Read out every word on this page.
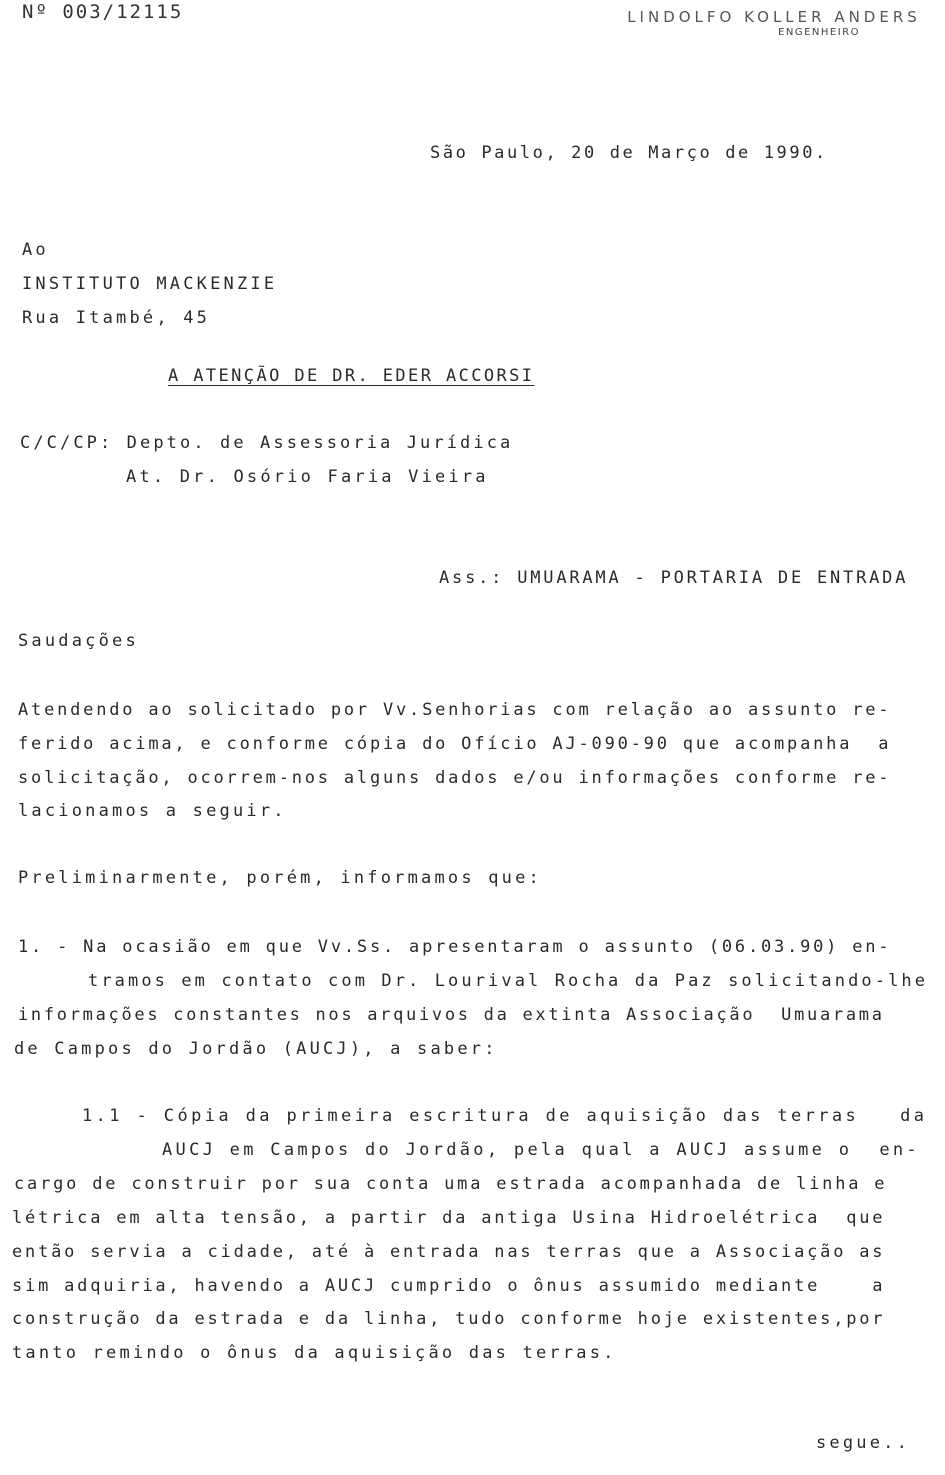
Nº 003/12115	LINDOLFO KOLLER ANDERS
ENGENHEIRO
São Paulo, 20 de Março de 1990.
Ao
INSTITUTO MACKENZIE
Rua Itambé, 45
A ATENÇÃO DE DR. EDER ACCORSI
C/C/CP: Depto. de Assessoria Jurídica
At. Dr. Osório Faria Vieira
Ass.: UMUARAMA - PORTARIA DE ENTRADA
Saudações
Atendendo ao solicitado por Vv.Senhorias com relação ao assunto re-
ferido acima, e conforme cópia do Ofício AJ-090-90 que acompanha  a
solicitação, ocorrem-nos alguns dados e/ou informações conforme re-
lacionamos a seguir.
Preliminarmente, porém, informamos que:
1. - Na ocasião em que Vv.Ss. apresentaram o assunto (06.03.90) en-
tramos em contato com Dr. Lourival Rocha da Paz solicitando-lhe
informações constantes nos arquivos da extinta Associação  Umuarama
de Campos do Jordão (AUCJ), a saber:
1.1 - Cópia da primeira escritura de aquisição das terras   da
AUCJ em Campos do Jordão, pela qual a AUCJ assume o  en-
cargo de construir por sua conta uma estrada acompanhada de linha e
létrica em alta tensão, a partir da antiga Usina Hidroelétrica  que
então servia a cidade, até à entrada nas terras que a Associação as
sim adquiria, havendo a AUCJ cumprido o ônus assumido mediante    a
construção da estrada e da linha, tudo conforme hoje existentes,por
tanto remindo o ônus da aquisição das terras.
segue..
